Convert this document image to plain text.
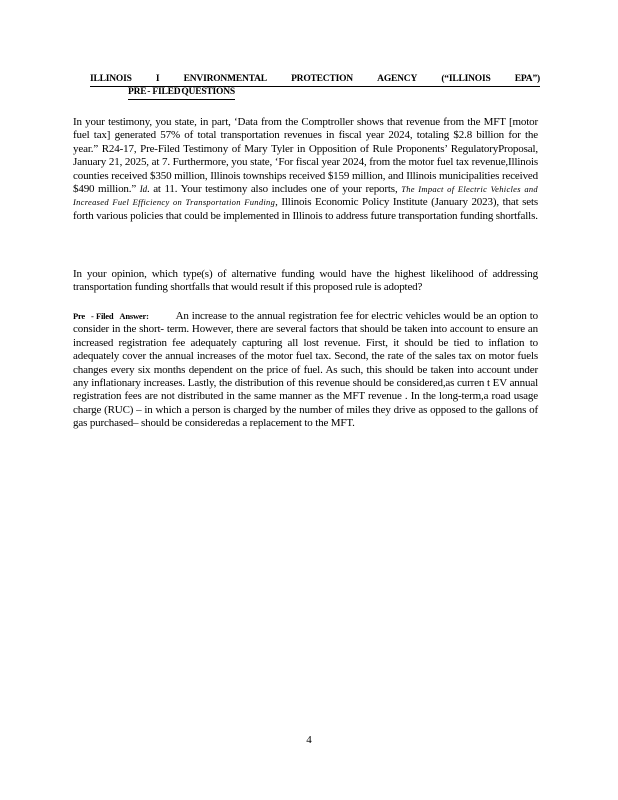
ILLINOIS	I	ENVIRONMENTAL	PROTECTION	AGENCY	(“ILLINOIS	EPA”)
PRE - FILED QUESTIONS
In your testimony, you state, in part, ‘Data from the Comptroller shows that revenue from the MFT [motor fuel tax] generated 57% of total transportation revenues in fiscal year 2024, totaling $2.8 billion for the year.” R24-17, Pre-Filed Testimony of Mary Tyler in Opposition of Rule Proponents’ RegulatoryProposal, January 21, 2025, at 7. Furthermore, you state, ‘For fiscal year 2024, from the motor fuel tax revenue,Illinois counties received $350 million, Illinois townships received $159 million, and Illinois municipalities received $490 million.” Id. at 11. Your testimony also includes one of your reports, The Impact of Electric Vehicles and Increased Fuel Efficiency on Transportation Funding, Illinois Economic Policy Institute (January 2023), that sets forth various policies that could be implemented in Illinois to address future transportation funding shortfalls.
In your opinion, which type(s) of alternative funding would have the highest likelihood of addressing transportation funding shortfalls that would result if this proposed rule is adopted?
Pre - Filed Answer: An increase to the annual registration fee for electric vehicles would be an option to consider in the short- term. However, there are several factors that should be taken into account to ensure an increased registration fee adequately capturing all lost revenue. First, it should be tied to inflation to adequately cover the annual increases of the motor fuel tax. Second, the rate of the sales tax on motor fuels changes every six months dependent on the price of fuel. As such, this should be taken into account under any inflationary increases. Lastly, the distribution of this revenue should be considered,as curren t EV annual registration fees are not distributed in the same manner as the MFT revenue . In the long-term,a road usage charge (RUC) – in which a person is charged by the number of miles they drive as opposed to the gallons of gas purchased– should be consideredas a replacement to the MFT.
4
